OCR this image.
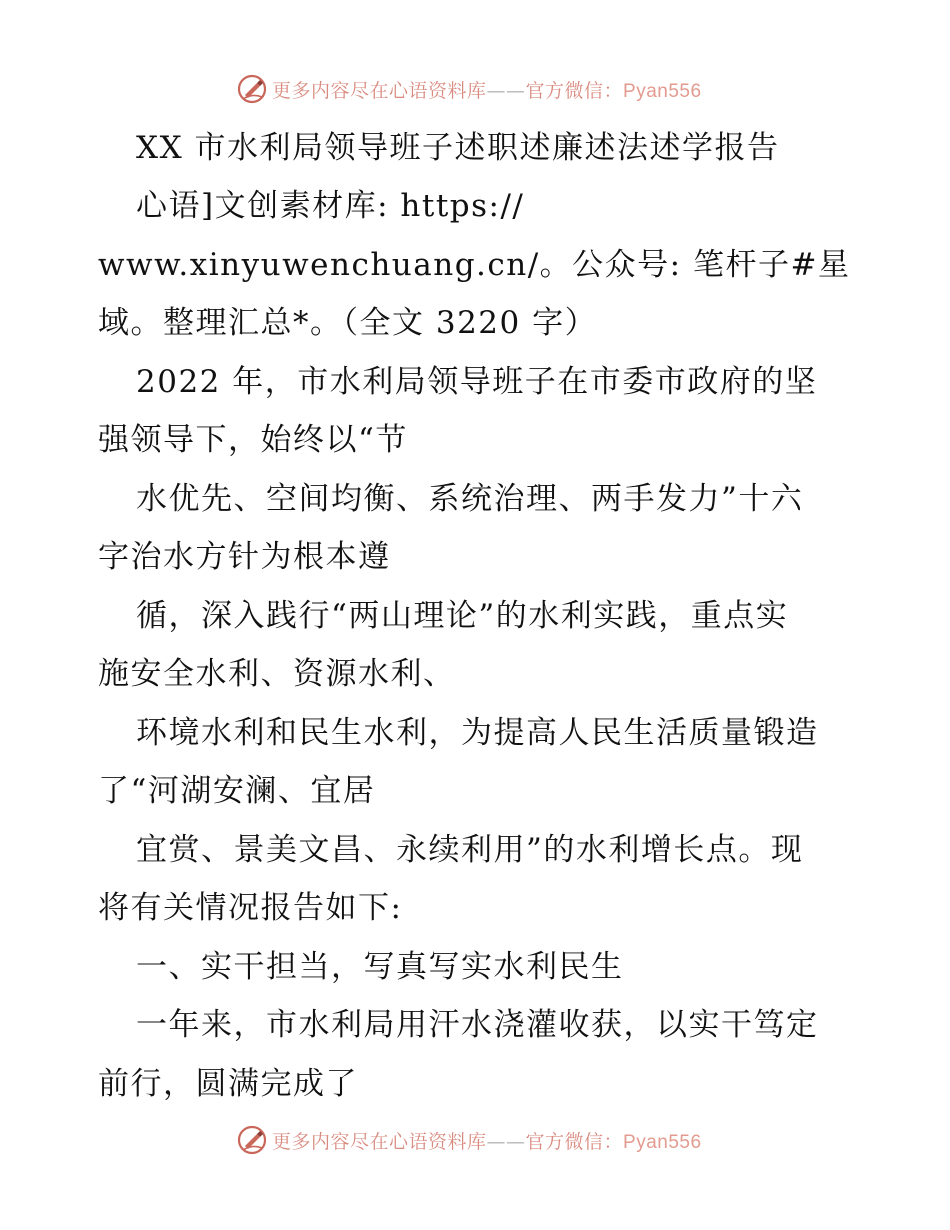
更多内容尽在心语资料库——官方微信：Pyan556
更多内容尽在心语资料库——官方微信：Pyan556
XX 市水利局领导班子述职述廉述法述学报告
心语]文创素材库: https://
www.xinyuwenchuang.cn/。公众号: 笔杆子#星
域。整理汇总*。（全文 3220 字）
2022 年，市水利局领导班子在市委市政府的坚
强领导下，始终以“节
水优先、空间均衡、系统治理、两手发力”十六
字治水方针为根本遵
循，深入践行“两山理论”的水利实践，重点实
施安全水利、资源水利、
环境水利和民生水利，为提高人民生活质量锻造
了“河湖安澜、宜居
宜赏、景美文昌、永续利用”的水利增长点。现
将有关情况报告如下:
一、实干担当，写真写实水利民生
一年来，市水利局用汗水浇灌收获，以实干笃定
前行，圆满完成了
